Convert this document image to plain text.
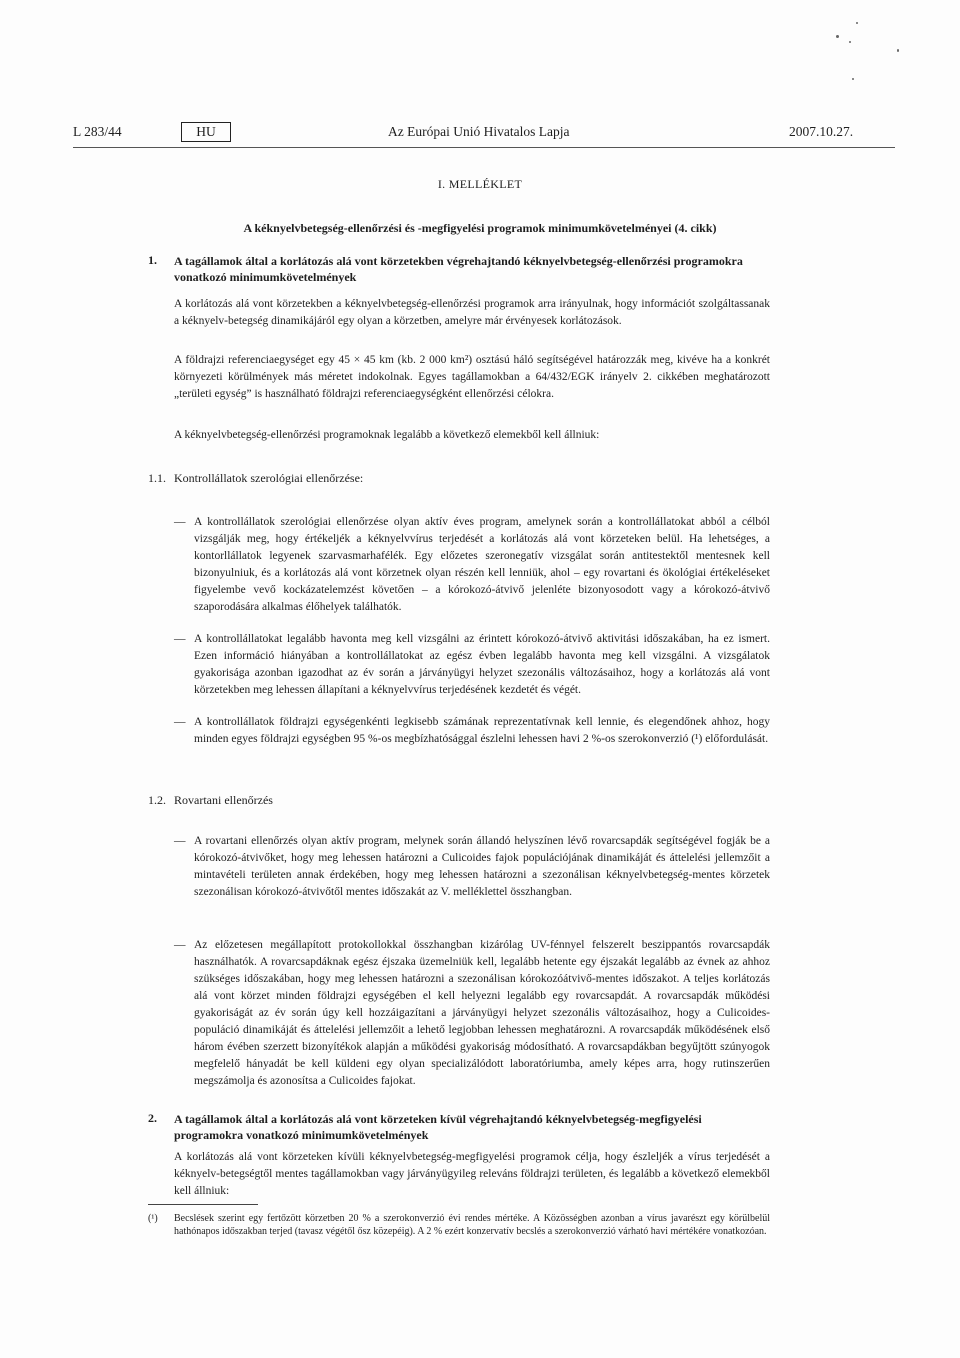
L 283/44	HU	Az Európai Unió Hivatalos Lapja	2007.10.27.
I. MELLÉKLET
A kéknyelvbetegség-ellenőrzési és -megfigyelési programok minimumkövetelményei (4. cikk)
1. A tagállamok által a korlátozás alá vont körzetekben végrehajtandó kéknyelvbetegség-ellenőrzési programokra vonatkozó minimumkövetelmények
A korlátozás alá vont körzetekben a kéknyelvbetegség-ellenőrzési programok arra irányulnak, hogy információt szolgáltassanak a kéknyelv-betegség dinamikájáról egy olyan a körzetben, amelyre már érvényesek korlátozások.
A földrajzi referenciaegységet egy 45 × 45 km (kb. 2 000 km²) osztású háló segítségével határozzák meg, kivéve ha a konkrét környezeti körülmények más méretet indokolnak. Egyes tagállamokban a 64/432/EGK irányelv 2. cikkében meghatározott „területi egység” is használható földrajzi referenciaegységként ellenőrzési célokra.
A kéknyelvbetegség-ellenőrzési programoknak legalább a következő elemekből kell állniuk:
1.1. Kontrollállatok szerológiai ellenőrzése:
— A kontrollállatok szerológiai ellenőrzése olyan aktív éves program, amelynek során a kontrollállatokat abból a célból vizsgálják meg, hogy értékeljék a kéknyelvvírus terjedését a korlátozás alá vont körzeteken belül. Ha lehetséges, a kontorllállatok legyenek szarvasmarhafélék. Egy előzetes szeronegatív vizsgálat során antitestektől mentesnek kell bizonyulniuk, és a korlátozás alá vont körzetnek olyan részén kell lenniük, ahol – egy rovartani és ökológiai értékeléseket figyelembe vevő kockázatelemzést követően – a kórokozó-átvivő jelenléte bizonyosodott vagy a kórokozó-átvivő szaporodására alkalmas élőhelyek találhatók.
— A kontrollállatokat legalább havonta meg kell vizsgálni az érintett kórokozó-átvivő aktivitási időszakában, ha ez ismert. Ezen információ hiányában a kontrollállatokat az egész évben legalább havonta meg kell vizsgálni. A vizsgálatok gyakorisága azonban igazodhat az év során a járványügyi helyzet szezonális változásaihoz, hogy a korlátozás alá vont körzetekben meg lehessen állapítani a kéknyelvvírus terjedésének kezdetét és végét.
— A kontrollállatok földrajzi egységenkénti legkisebb számának reprezentatívnak kell lennie, és elegendőnek ahhoz, hogy minden egyes földrajzi egységben 95 %-os megbízhatósággal észlelni lehessen havi 2 %-os szerokonverzió (¹) előfordulását.
1.2. Rovartani ellenőrzés
— A rovartani ellenőrzés olyan aktív program, melynek során állandó helyszínen lévő rovarcsapdák segítségével fogják be a kórokozó-átvivőket, hogy meg lehessen határozni a Culicoides fajok populációjának dinamikáját és áttelelési jellemzőit a mintavételi területen annak érdekében, hogy meg lehessen határozni a szezonálisan kéknyelvbetegség-mentes körzetek szezonálisan kórokozó-átvivőtől mentes időszakát az V. melléklettel összhangban.
— Az előzetesen megállapított protokollokkal összhangban kizárólag UV-fénnyel felszerelt beszippantós rovarcsapdák használhatók. A rovarcsapdáknak egész éjszaka üzemelniük kell, legalább hetente egy éjszakát legalább az évnek az ahhoz szükséges időszakában, hogy meg lehessen határozni a szezonálisan kórokozóátvivő-mentes időszakot. A teljes korlátozás alá vont körzet minden földrajzi egységében el kell helyezni legalább egy rovarcsapdát. A rovarcsapdák működési gyakoriságát az év során úgy kell hozzáigazítani a járványügyi helyzet szezonális változásaihoz, hogy a Culicoides-populáció dinamikáját és áttelelési jellemzőit a lehető legjobban lehessen meghatározni. A rovarcsapdák működésének első három évében szerzett bizonyítékok alapján a működési gyakoriság módosítható. A rovarcsapdákban begyűjtött szúnyogok megfelelő hányadát be kell küldeni egy olyan specializálódott laboratóriumba, amely képes arra, hogy rutinszerűen megszámolja és azonosítsa a Culicoides fajokat.
2. A tagállamok által a korlátozás alá vont körzeteken kívül végrehajtandó kéknyelvbetegség-megfigyelési programokra vonatkozó minimumkövetelmények
A korlátozás alá vont körzeteken kívüli kéknyelvbetegség-megfigyelési programok célja, hogy észleljék a vírus terjedését a kéknyelv-betegségtől mentes tagállamokban vagy járványügyileg releváns földrajzi területen, és legalább a következő elemekből kell állniuk:
(¹) Becslések szerint egy fertőzött körzetben 20 % a szerokonverzió évi rendes mértéke. A Közösségben azonban a vírus javarészt egy körülbelül hathónapos időszakban terjed (tavasz végétől ősz közepéig). A 2 % ezért konzervatív becslés a szerokonverzió várható havi mértékére vonatkozóan.
